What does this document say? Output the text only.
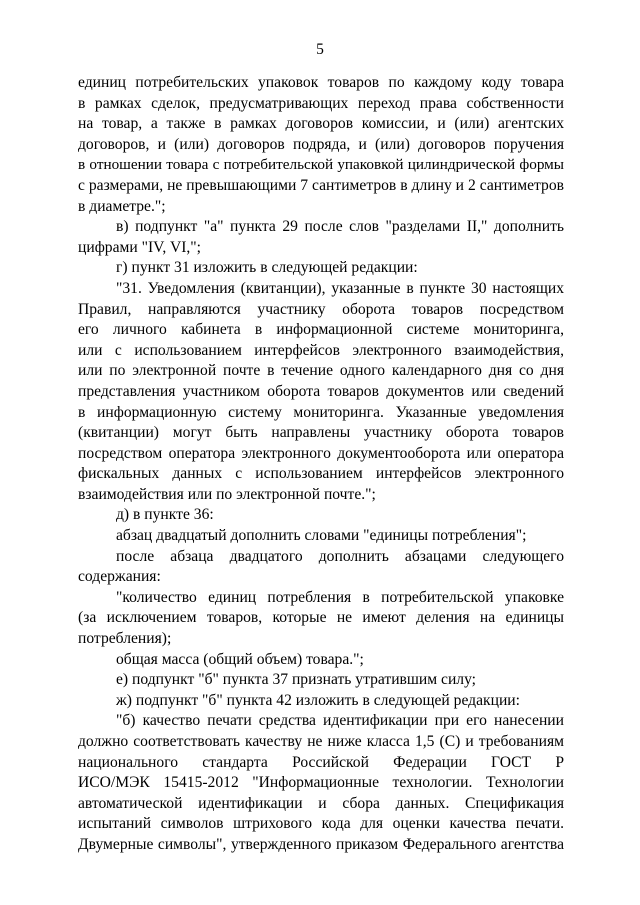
5
единиц потребительских упаковок товаров по каждому коду товара
в рамках сделок, предусматривающих переход права собственности
на товар, а также в рамках договоров комиссии, и (или) агентских
договоров, и (или) договоров подряда, и (или) договоров поручения
в отношении товара с потребительской упаковкой цилиндрической формы
с размерами, не превышающими 7 сантиметров в длину и 2 сантиметров
в диаметре.";
в) подпункт "а" пункта 29 после слов "разделами II," дополнить
цифрами "IV, VI,";
г) пункт 31 изложить в следующей редакции:
"31. Уведомления (квитанции), указанные в пункте 30 настоящих
Правил, направляются участнику оборота товаров посредством
его личного кабинета в информационной системе мониторинга,
или с использованием интерфейсов электронного взаимодействия,
или по электронной почте в течение одного календарного дня со дня
представления участником оборота товаров документов или сведений
в информационную систему мониторинга. Указанные уведомления
(квитанции) могут быть направлены участнику оборота товаров
посредством оператора электронного документооборота или оператора
фискальных данных с использованием интерфейсов электронного
взаимодействия или по электронной почте.";
д) в пункте 36:
абзац двадцатый дополнить словами "единицы потребления";
после абзаца двадцатого дополнить абзацами следующего
содержания:
"количество единиц потребления в потребительской упаковке
(за исключением товаров, которые не имеют деления на единицы
потребления);
общая масса (общий объем) товара.";
е) подпункт "б" пункта 37 признать утратившим силу;
ж) подпункт "б" пункта 42 изложить в следующей редакции:
"б) качество печати средства идентификации при его нанесении
должно соответствовать качеству не ниже класса 1,5 (С) и требованиям
национального стандарта Российской Федерации ГОСТ Р
ИСО/МЭК 15415-2012 "Информационные технологии. Технологии
автоматической идентификации и сбора данных. Спецификация
испытаний символов штрихового кода для оценки качества печати.
Двумерные символы", утвержденного приказом Федерального агентства
